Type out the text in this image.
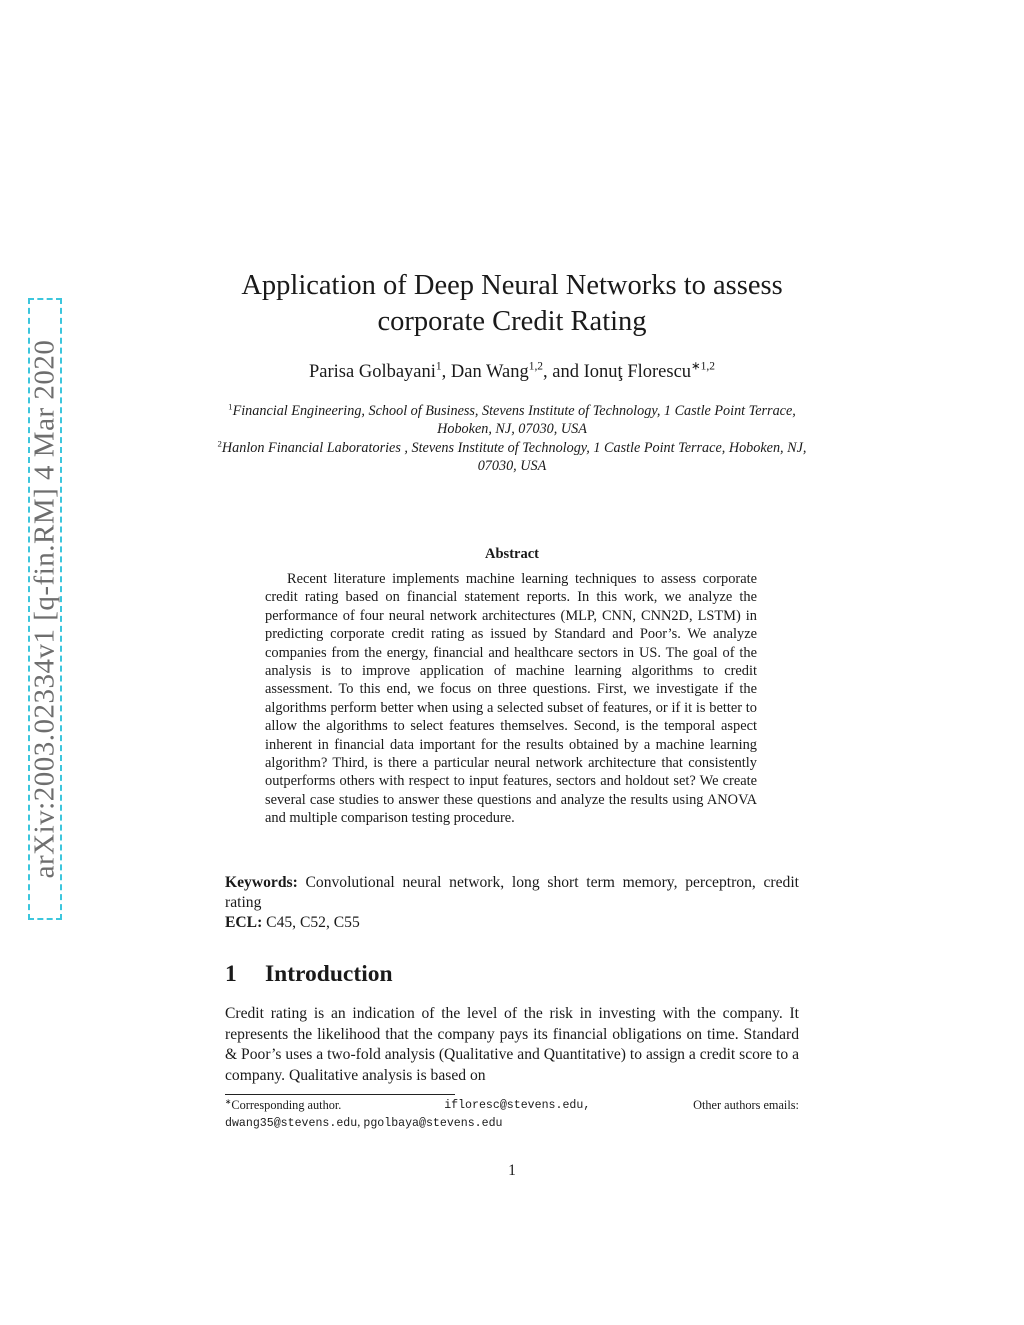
arXiv:2003.02334v1 [q-fin.RM] 4 Mar 2020
Application of Deep Neural Networks to assess
corporate Credit Rating
Parisa Golbayani$^1$, Dan Wang$^{1,2}$, and Ionuţ Florescu$^{∗1,2}$
$^1$Financial Engineering, School of Business, Stevens Institute of Technology, 1 Castle Point Terrace, Hoboken, NJ, 07030, USA
$^2$Hanlon Financial Laboratories , Stevens Institute of Technology, 1 Castle Point Terrace, Hoboken, NJ, 07030, USA
Abstract
Recent literature implements machine learning techniques to assess corporate credit rating based on financial statement reports. In this work, we analyze the performance of four neural network architectures (MLP, CNN, CNN2D, LSTM) in predicting corporate credit rating as issued by Standard and Poor’s. We analyze companies from the energy, financial and healthcare sectors in US. The goal of the analysis is to improve application of machine learning algorithms to credit assessment. To this end, we focus on three questions. First, we investigate if the algorithms perform better when using a selected subset of features, or if it is better to allow the algorithms to select features themselves. Second, is the temporal aspect inherent in financial data important for the results obtained by a machine learning algorithm? Third, is there a particular neural network architecture that consistently outperforms others with respect to input features, sectors and holdout set? We create several case studies to answer these questions and analyze the results using ANOVA and multiple comparison testing procedure.
Keywords: Convolutional neural network, long short term memory, perceptron, credit rating
ECL: C45, C52, C55
1 Introduction
Credit rating is an indication of the level of the risk in investing with the company. It represents the likelihood that the company pays its financial obligations on time. Standard & Poor’s uses a two-fold analysis (Qualitative and Quantitative) to assign a credit score to a company. Qualitative analysis is based on
∗Corresponding author.	ifloresc@stevens.edu,	Other authors emails:
dwang35@stevens.edu, pgolbaya@stevens.edu
1
